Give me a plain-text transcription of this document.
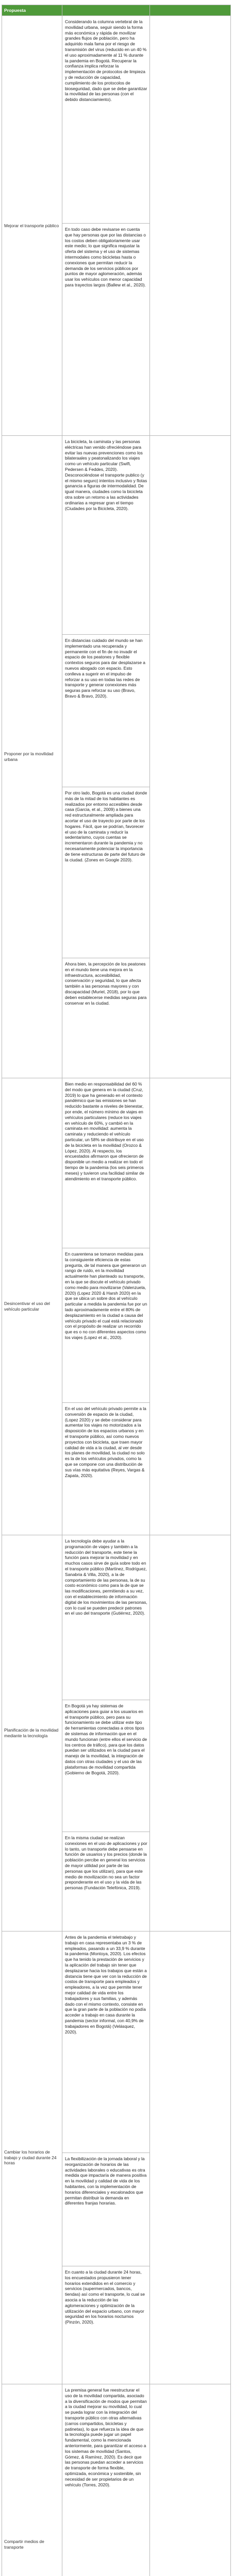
Propuesta		

Mejorar el transporte público	Considerando la columna vertebral de la movilidad urbana, seguir siendo la forma más económica y rápida de movilizar grandes flujos de población, pero ha adquirido mala fama por el riesgo de transmisión del virus (reducido en un 40 % el uso aproximadamente al 11 % durante la pandemia en Bogotá. Recuperar la confianza implica reforzar la implementación de protocolos de limpieza y de reducción de capacidad, cumplimiento de los protocolos de bioseguridad, dado que se debe garantizar la movilidad de las personas (con el debido distanciamiento).
En todo caso debe revisarse en cuenta que hay personas que por las distancias o los costos deben obligatoriamente usar este medio; lo que significa reajustar la oferta del sistema y el uso de sistemas intermodales como bicicletas hasta o conexiones que permitan reducir la demanda de los servicios públicos por puntos de mayor aglomeración, además usar los vehículos con menor capacidad para trayectos largos (Ballew et al., 2020).	

Proponer por la movilidad urbana	La bicicleta, la caminata y las personas eléctricas han venido ofreciéndose para evitar las nuevas prevenciones como los bilateraales y peatonalizando los viajes como un vehículo particular (Swift, Pedersen & Feddes, 2020). Desconociéndose el transporte publico (y el mismo seguro) intentos inclusivo y flotas ganancia a figuras de intermodalidad. De igual manera, ciudades como la bicicleta otra sobre un retorno a las actividades ordinarias a regresar gran el tiempo (Ciudades por la Bicicleta, 2020).
En distancias cuidado del mundo se han implementado una recuperada y permanente con el fin de no invadir el espacio de los peatones y flexible contextos seguros para dar desplazarse a nuevos abogado con espacio. Esto conlleva a sugerir en el impulso de reforzar a su uso en todas las redes de transporte y generar conexiones más seguras para reforzar su uso (Bravo, Bravo & Bravo, 2020).
Por otro lado, Bogotá es una ciudad donde más de la mitad de los habitantes es realizados por entorno accesibles desde casa (Garcia, et al., 2009) a bienes una red estructuralmente ampliada para acortar el uso de trayecto por parte de los hogares. Fácil, que se podrían, favorecer el uso de la caminata y reducir la sedentarismo, cuyos cuentas se incrementaron durante la pandemia y no necesariamente potenciar la importancia de tiene estructuras de parte del futuro de la ciudad. (Zones en Google 2020).
Ahora bien, la percepción de los peatones en el mundo tiene una mejora en la infraestructura, accesibilidad, conservación y seguridad, lo que afecta también a las personas mayores y con discapacidad (Muriel, 2018), por lo que deben establecerse medidas seguras para conservar en la ciudad.	

Desincentivar el uso del vehículo particular	Bien medio en responsabilidad del 60 % del modo que genera en la ciudad (Cruz, 2019) lo que ha generado en el contexto pandémico que las emisiones se han reducido bastante a niveles de bienestar, por ende, el número mínimo de viajes en vehículos particulares (reduce los viajes en vehículo de 60%, y cambió en la caminata en movilidad: aumenta la caminata y reduciendo el vehículo particular, un 58% se distribuye en el uso de la bicicleta en la movilidad (Orozco & López, 2020). Al respecto, los encuestados afirmaron que ofrecieron de disponible un medio a realizar en todo el tiempo de la pandemia (los seis primeros meses) y tuvieron una facilidad similar de atendimiento en el transporte público.
En cuarentena se tomaron medidas para la consiguiente eficiencia de estas pregunta, de tal manera que generaron un rango de ruido, en la movilidad actualmente han planteado su transporte, en la que se discute el vehículo privado como medio para movilizarse (Valenzuela, 2020) (Lopez 2020 & Harsh 2020) en la que se ubica un sobre dos al vehículo particular a medida la pandemia fue por un lado aproximadamente entre el 80% de desplazamiento en la ciudad a causa del vehículo privado el cual está relacionado con el propósito de realizar un recorrido que es o no con diferentes aspectos como los viajes (Lopez et al., 2020).
En el uso del vehículo privado permite a la conversión de espacio de la ciudad, (Lopez 2020) y se debe considerar para aumentar los viajes no motorizados a la disposición de los espacios urbanos y en el transporte público, así como nuevos proyectos con bicicleta, que traen mayor calidad de vida a la ciudad, al ver desde los planes de movilidad, la ciudad no solo es la de los vehículos privados, como la que se compone con una distribución de sus vías más equitativa (Reyes, Vargas & Zapata, 2020).	

Planificación de la movilidad mediante la tecnología	La tecnología debe ayudar a la programación de viajes y también a la reducción del transporte, este tiene la función para mejorar la movilidad y en muchos casos sirve de guía sobre todo en el transporte público (Martínez, Rodríguez, Sanabria & Villa, 2020), a la de comportamiento de las personas, la de su costo económico como para la de que se las modificaciones, permitiendo a su vez, con el establecimiento de información digital de los movimientos de las personas, con lo cual se pueden predecir patrones en el uso del transporte (Gutiérrez, 2020).
En Bogotá ya hay sistemas de aplicaciones para guiar a los usuarios en el transporte público, pero para su funcionamiento se debe utilizar este tipo de herramientas conectadas a otros tipos de sistemas de información que en el mundo funcionan (entre ellos el servicio de los centros de tráfico), para que los datos puedan ser utilizados en la ciudad para el manejo de la movilidad, la integración de datos con otras ciudades y el uso de las plataformas de movilidad compartida (Gobierno de Bogotá, 2020).
En la misma ciudad se realizan conexiones en el uso de aplicaciones y por lo tanto, un transporte debe pensarse en función de usuarios y los precios (donde la población percibe en general los servicios de mayor utilidad por parte de las personas que los utilizan), para que este medio de movilización no sea un factor preponderante en el uso y la vida de las personas (Fundación Telefónica, 2019).	

Cambiar los horarios de trabajo y ciudad durante 24 horas	Antes de la pandemia el teletrabajo y trabajo en casa representaba un 3 % de empleados, pasando a un 33,9 % durante la pandemia (Montoya, 2020). Los efectos que ha tenido la prestación de servicios y la aplicación del trabajo sin tener que desplazarse hacia los trabajos que están a distancia tiene que ver con la reducción de costos de transporte para empleados y empleadores, a la vez que permite tener mejor calidad de vida entre los trabajadores y sus familias, y además dado con el mismo contexto, consiste en que la gran parte de la población no podía acceder a trabajo en casa durante la pandemia (sector informal, con 40,9% de trabajadores en Bogotá) (Velásquez, 2020).
La flexibilización de la jornada laboral y la reorganización de horarios de las actividades laborales o educativas es otra medida que impactaría de manera positiva en la movilidad y calidad de vida de los habitantes, con la implementación de horarios diferenciales y escalonados que permitan distribuir la demanda en diferentes franjas horarias.
En cuanto a la ciudad durante 24 horas, los encuestados propusieron tener horarios extendidos en el comercio y servicios (supermercados, bancos, tiendas) así como el transporte, lo cual se asocia a la reducción de las aglomeraciones y optimización de la utilización del espacio urbano, con mayor seguridad en los horarios nocturnos (Pinzón, 2020).	

Compartir medios de transporte	La premisa general fue reestructurar el uso de la movilidad compartida, asociado a la diversificación de modos que permitan a la ciudad mejorar su movilidad, lo cual se pueda lograr con la integración del transporte público con otras alternativas (carros compartidos, bicicletas y patinetas), lo que refuerza la idea de que la tecnología puede jugar un papel fundamental, como la mencionada anteriormente, para garantizar el acceso a los sistemas de movilidad (Santos, Gómez, & Ramírez, 2020). Es decir que las personas puedan acceder a servicios de transporte de forma flexible, optimizada, económica y sostenible, sin necesidad de ser propietarios de un vehículo (Torres, 2020).	
